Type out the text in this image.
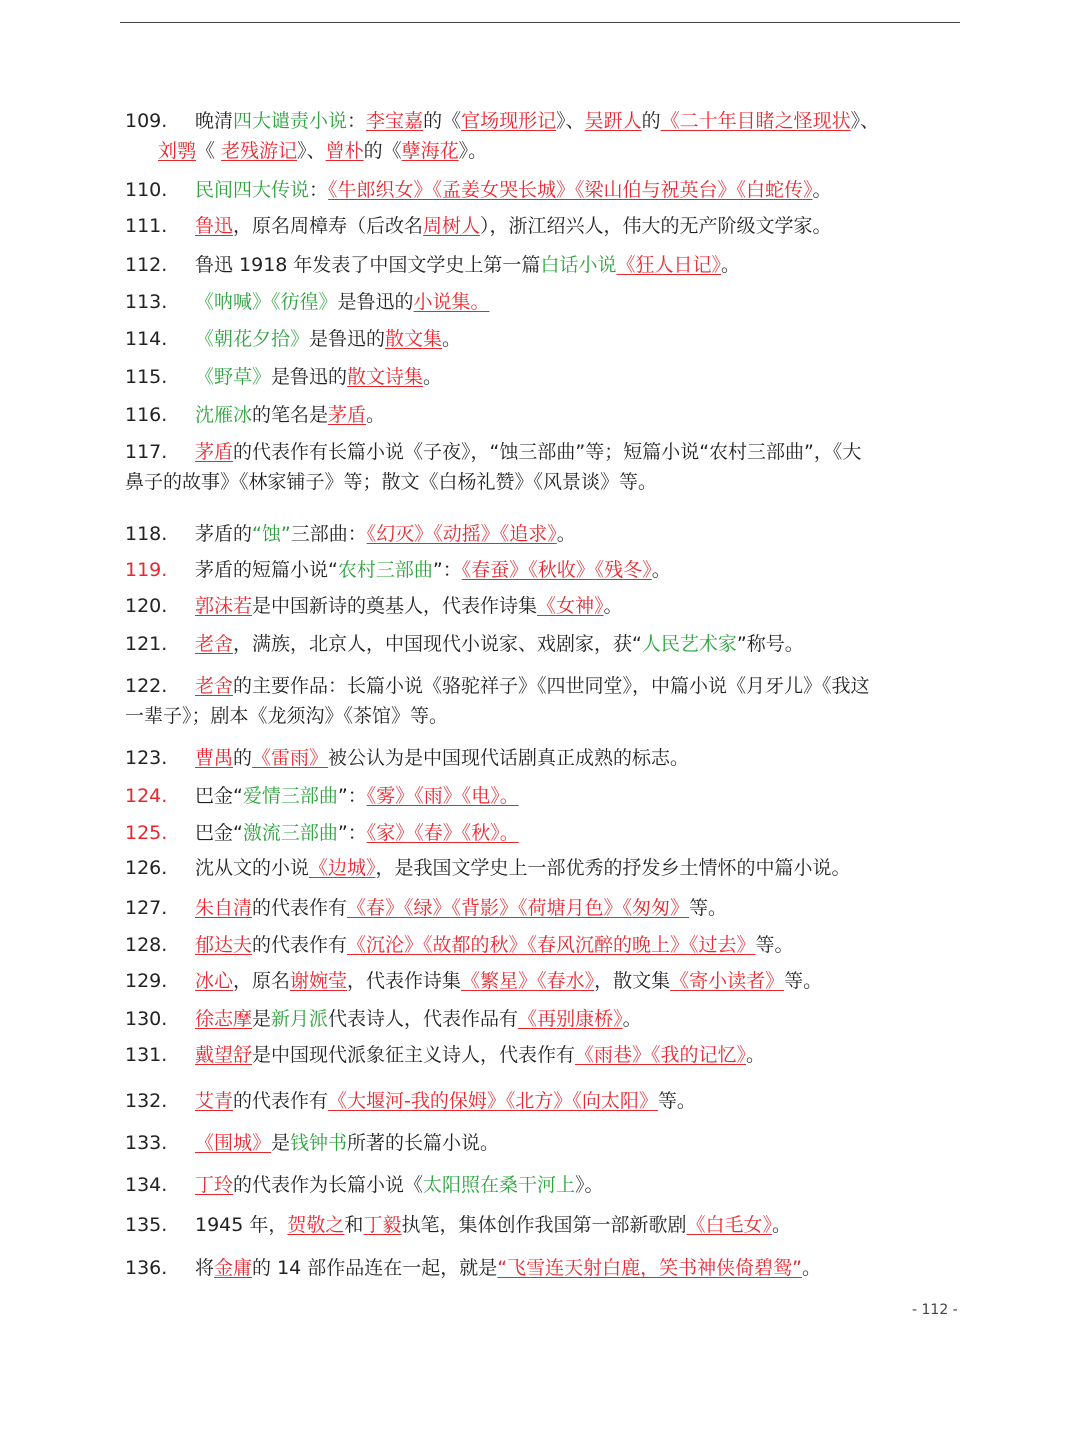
109.	晚清四大谴责小说：李宝嘉的《官场现形记》、吴趼人的《二十年目睹之怪现状》、
刘鹗《 老残游记》、曾朴的《孽海花》。
110.	民间四大传说：《牛郎织女》《孟姜女哭长城》《梁山伯与祝英台》《白蛇传》。
111.	鲁迅，原名周樟寿（后改名周树人），浙江绍兴人，伟大的无产阶级文学家。
112.	鲁迅 1918 年发表了中国文学史上第一篇白话小说《狂人日记》。
113.	《呐喊》《彷徨》是鲁迅的小说集。
114.	《朝花夕拾》是鲁迅的散文集。
115.	《野草》是鲁迅的散文诗集。
116.	沈雁冰的笔名是茅盾。
117.	茅盾的代表作有长篇小说《子夜》，“蚀三部曲”等；短篇小说“农村三部曲”，《大
鼻子的故事》《林家铺子》等；散文《白杨礼赞》《风景谈》等。
118.	茅盾的“蚀”三部曲：《幻灭》《动摇》《追求》。
119.	茅盾的短篇小说“农村三部曲”：《春蚕》《秋收》《残冬》。
120.	郭沫若是中国新诗的奠基人，代表作诗集《女神》。
121.	老舍，满族，北京人，中国现代小说家、戏剧家，获“人民艺术家”称号。
122.	老舍的主要作品：长篇小说《骆驼祥子》《四世同堂》，中篇小说《月牙儿》《我这
一辈子》；剧本《龙须沟》《茶馆》等。
123.	曹禺的《雷雨》被公认为是中国现代话剧真正成熟的标志。
124.	巴金“爱情三部曲”：《雾》《雨》《电》。
125.	巴金“激流三部曲”：《家》《春》《秋》。
126.	沈从文的小说《边城》，是我国文学史上一部优秀的抒发乡土情怀的中篇小说。
127.	朱自清的代表作有《春》《绿》《背影》《荷塘月色》《匆匆》等。
128.	郁达夫的代表作有《沉沦》《故都的秋》《春风沉醉的晚上》《过去》等。
129.	冰心，原名谢婉莹，代表作诗集《繁星》《春水》，散文集《寄小读者》等。
130.	徐志摩是新月派代表诗人，代表作品有《再别康桥》。
131.	戴望舒是中国现代派象征主义诗人，代表作有《雨巷》《我的记忆》。
132.	艾青的代表作有《大堰河-我的保姆》《北方》《向太阳》等。
133.	《围城》是钱钟书所著的长篇小说。
134.	丁玲的代表作为长篇小说《太阳照在桑干河上》。
135.	1945 年，贺敬之和丁毅执笔，集体创作我国第一部新歌剧《白毛女》。
136.	将金庸的 14 部作品连在一起，就是“飞雪连天射白鹿，笑书神侠倚碧鸳”。
- 112 -
